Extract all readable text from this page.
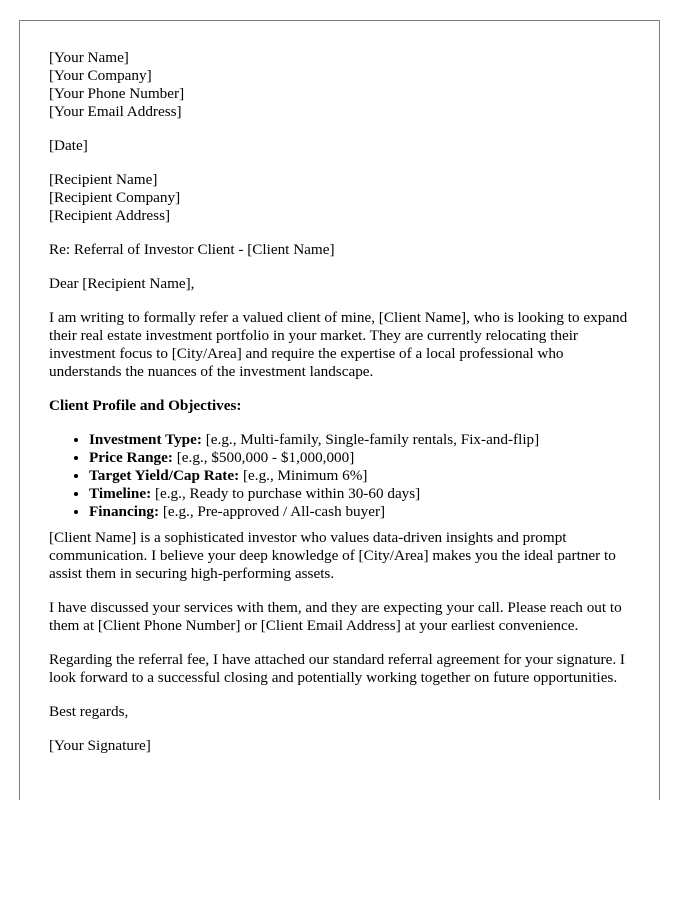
[Your Name]
[Your Company]
[Your Phone Number]
[Your Email Address]

[Date]

[Recipient Name]
[Recipient Company]
[Recipient Address]

Re: Referral of Investor Client - [Client Name]

Dear [Recipient Name],

I am writing to formally refer a valued client of mine, [Client Name], who is looking to expand their real estate investment portfolio in your market. They are currently relocating their investment focus to [City/Area] and require the expertise of a local professional who understands the nuances of the investment landscape.

Client Profile and Objectives:

• Investment Type: [e.g., Multi-family, Single-family rentals, Fix-and-flip]
• Price Range: [e.g., $500,000 - $1,000,000]
• Target Yield/Cap Rate: [e.g., Minimum 6%]
• Timeline: [e.g., Ready to purchase within 30-60 days]
• Financing: [e.g., Pre-approved / All-cash buyer]

[Client Name] is a sophisticated investor who values data-driven insights and prompt communication. I believe your deep knowledge of [City/Area] makes you the ideal partner to assist them in securing high-performing assets.

I have discussed your services with them, and they are expecting your call. Please reach out to them at [Client Phone Number] or [Client Email Address] at your earliest convenience.

Regarding the referral fee, I have attached our standard referral agreement for your signature. I look forward to a successful closing and potentially working together on future opportunities.

Best regards,

[Your Signature]
